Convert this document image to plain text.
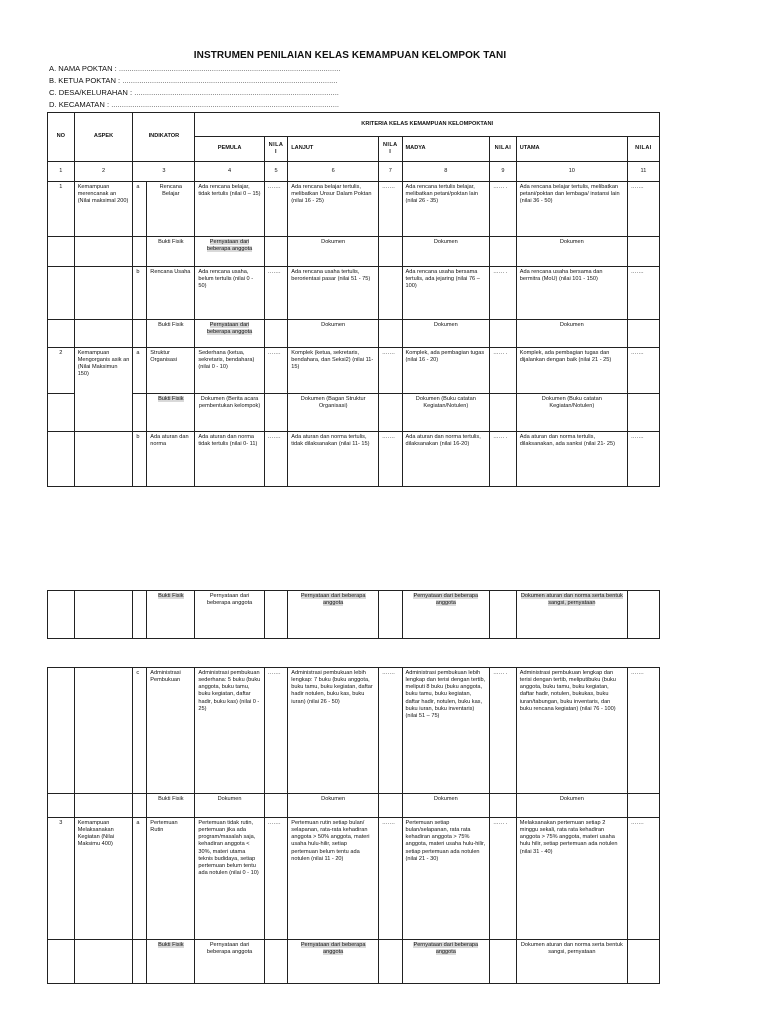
INSTRUMEN PENILAIAN KELAS KEMAMPUAN KELOMPOK TANI
A. NAMA POKTAN : .........................................................................................................
B. KETUA POKTAN : ......................................................................................................
C. DESA/KELURAHAN : .................................................................................................
D. KECAMATAN : ............................................................................................................
NO	ASPEK	INDIKATOR		KRITERIA KELAS KEMAMPUAN KELOMPOKTANI							
				PEMULA	NILAI	LANJUT	NILAI	MADYA	NILAI	UTAMA	NILAI
1	2	3		4	5	6	7	8	9	10	11
1	Kemampuan merencanak an (Nilai maksimal 200)	a	Rencana Belajar	Ada rencana belajar, tidak tertulis (nilai 0 – 15)	…….	Ada rencana belajar tertulis, melibatkan Unsur Dalam Poktan (nilai 16 - 25)	…….	Ada rencana tertulis belajar, melibatkan petani/poktan lain (nilai 26 - 35)	…… .	Ada rencana belajar tertulis, melibatkan petani/poktan dan lembaga/ instansi lain (nilai 36 - 50)	…….
			Bukti Fisik	Pernyataan dari beberapa anggota		Dokumen		Dokumen		Dokumen	
		b	Rencana Usaha	Ada rencana usaha, belum tertulis (nilai 0 - 50)	…….	Ada rencana usaha tertulis, berorientasi pasar (nilai 51 - 75)		Ada rencana usaha bersama tertulis, ada jejaring (nilai 76 – 100)	…… .	Ada rencana usaha bersama dan bermitra (MoU) (nilai 101 - 150)	…….
			Bukti Fisik	Pernyataan dari beberapa anggota		Dokumen		Dokumen		Dokumen	
2	Kemampuan Mengorganis asik an (Nilai Maksimun 150)	a	Struktur Organisasi	Sederhana (ketua, sekretaris, bendahara) (nilai 0 - 10)	…….	Komplek (ketua, sekretaris, bendahara, dan Seksi2) (nilai 11- 15)	…….	Komplek, ada pembagian tugas (nilai 16 - 20)	…… .	Komplek, ada pembagian tugas dan dijalankan dengan baik (nilai 21 - 25)	…….
			Bukti Fisik	Dokumen (Berita acara pembentukan kelompok)		Dokumen (Bagan Struktur Organisasi)		Dokumen (Buku catatan Kegiatan/Notulen)		Dokumen (Buku catatan Kegiatan/Notulen)	
		b	Ada aturan dan norma	Ada aturan dan norma tidak tertulis (nilai 0- 11)	…….	Ada aturan dan norma tertulis, tidak dilaksanakan (nilai 11- 15)	…….	Ada aturan dan norma tertulis, dilaksanakan (nilai 16-20)	…… .	Ada aturan dan norma tertulis, dilaksanakan, ada sanksi (nilai 21- 25)	…….
			Bukti Fisik	Pernyataan dari beberapa anggota		Pernyataan dari beberapa anggota		Pernyataan dari beberapa anggota		Dokumen aturan dan norma serta bentuk sangsi, pernyataan	
		c	Administrasi Pembukuan	Administrasi pembukuan sederhana: 5 buku (buku anggota, buku tamu, buku kegiatan, daftar hadir, buku kas) (nilai 0 - 25)	…….	Administrasi pembukuan lebih lengkap: 7 buku (buku anggota, buku tamu, buku kegiatan, daftar hadir notulen, buku kas, buku iuran) (nilai 26 - 50)	…….	Administrasi pembukuan lebih lengkap dan terisi dengan tertib, meliputi 8 buku (buku anggota, buku tamu, buku kegiatan, daftar hadir, notulen, buku kas, buku iuran, buku inventaris) (nilai 51 – 75)	…… .	Administrasi pembukuan lengkap dan terisi dengan tertib, meliputibuku (buku anggota, buku tamu, buku kegiatan, daftar hadir, notulen, bukukas, buku iuran/tabungan, buku inventaris, dan buku rencana kegiatan) (nilai 76 - 100)	…….
			Bukti Fisik	Dokumen		Dokumen		Dokumen		Dokumen	
3	Kemampuan Melaksanakan Kegiatan (Nilai Maksimu 400)	a	Pertemuan Rutin	Pertemuan tidak rutin, pertemuan jika ada program/masalah saja, kehadiran anggota < 30%, materi utama teknis budidaya, setiap pertemuan belum tentu ada notulen (nilai 0 - 10)	…….	Pertemuan rutin setiap bulan/ selapanan, rata-rata kehadiran anggota > 50% anggota, materi usaha hulu-hilir, setiap pertemuan belum tentu ada notulen (nilai 11 - 20)	…….	Pertemuan setiap bulan/selapanan, rata rata kehadiran anggota > 75% anggota, materi usaha hulu-hilir, setiap pertemuan ada notulen (nilai 21 - 30)	…… .	Melaksanakan pertemuan setiap 2 minggu sekali, rata rata kehadiran anggota > 75% anggota, materi usaha hulu hilir, setiap pertemuan ada notulen (nilai 31 - 40)	…….
			Bukti Fisik	Pernyataan dari beberapa anggota		Pernyataan dari beberapa anggota		Pernyataan dari beberapa anggota		Dokumen aturan dan norma serta bentuk sangsi, pernyataan	
